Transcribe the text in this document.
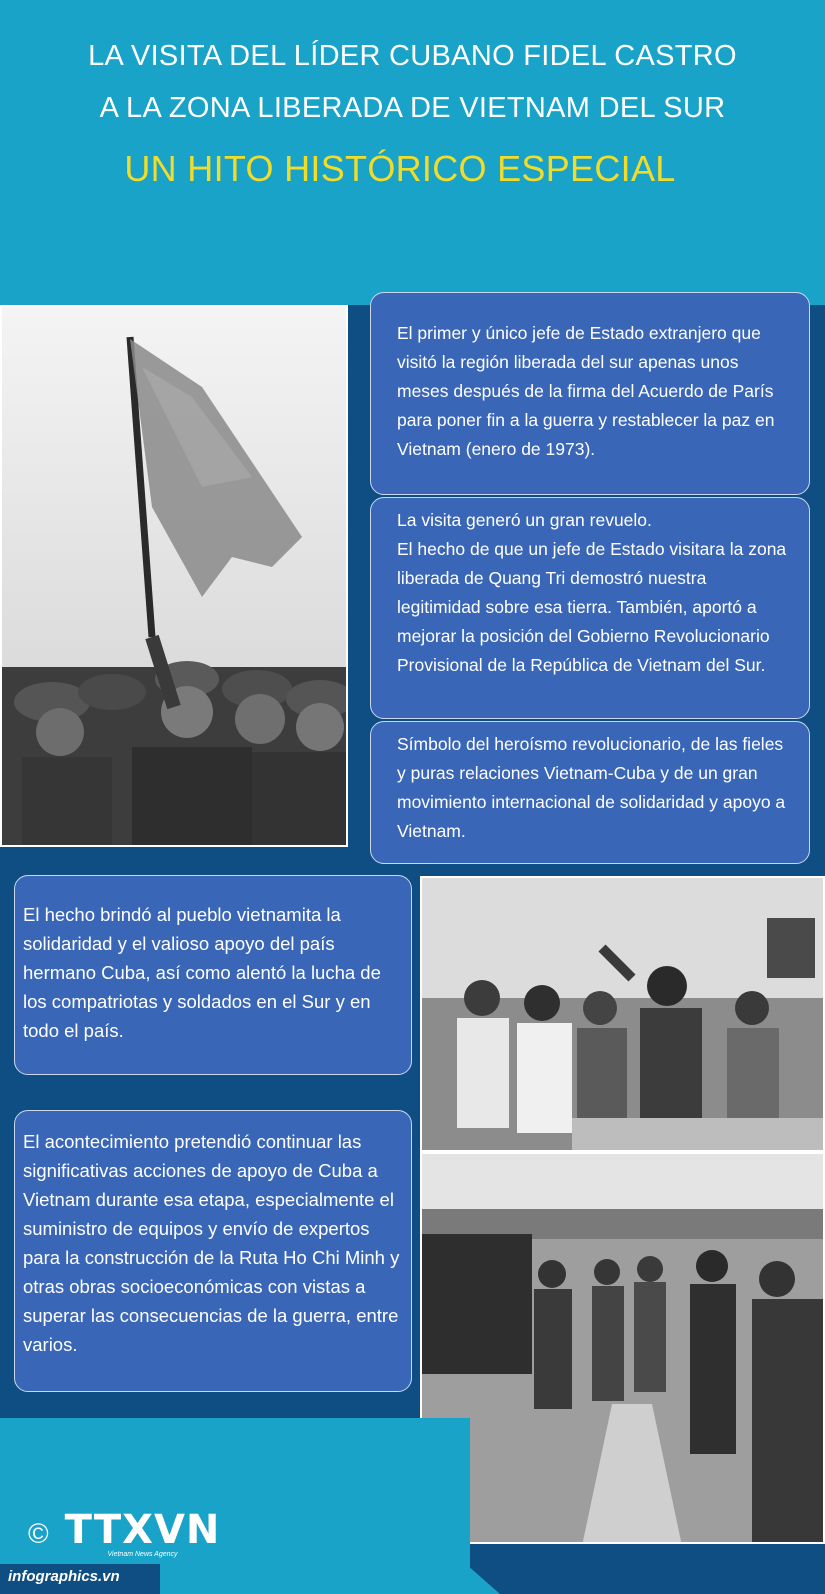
LA VISITA DEL LÍDER CUBANO FIDEL CASTRO
A LA ZONA LIBERADA DE VIETNAM DEL SUR
UN HITO HISTÓRICO ESPECIAL

El primer y único jefe de Estado extranjero que visitó la región liberada del sur apenas unos meses después de la firma del Acuerdo de París para poner fin a la guerra y restablecer la paz en Vietnam (enero de 1973).

La visita generó un gran revuelo.

El hecho de que un jefe de Estado visitara la zona liberada de Quang Tri demostró nuestra legitimidad sobre esa tierra. También, aportó a mejorar la posición del Gobierno Revolucionario Provisional de la República de Vietnam del Sur.

Símbolo del heroísmo revolucionario, de las fieles y puras relaciones Vietnam-Cuba y de un gran movimiento internacional de solidaridad y apoyo a Vietnam.

El hecho brindó al pueblo vietnamita la solidaridad y el valioso apoyo del país hermano Cuba, así como alentó la lucha de los compatriotas y soldados en el Sur y en todo el país.

El acontecimiento pretendió continuar las significativas acciones de apoyo de Cuba a Vietnam durante esa etapa, especialmente el suministro de equipos y envío de expertos para la construcción de la Ruta Ho Chi Minh y otras obras socioeconómicas con vistas a superar las consecuencias de la guerra, entre varios.

© TTXVN
Vietnam News Agency
infographics.vn
